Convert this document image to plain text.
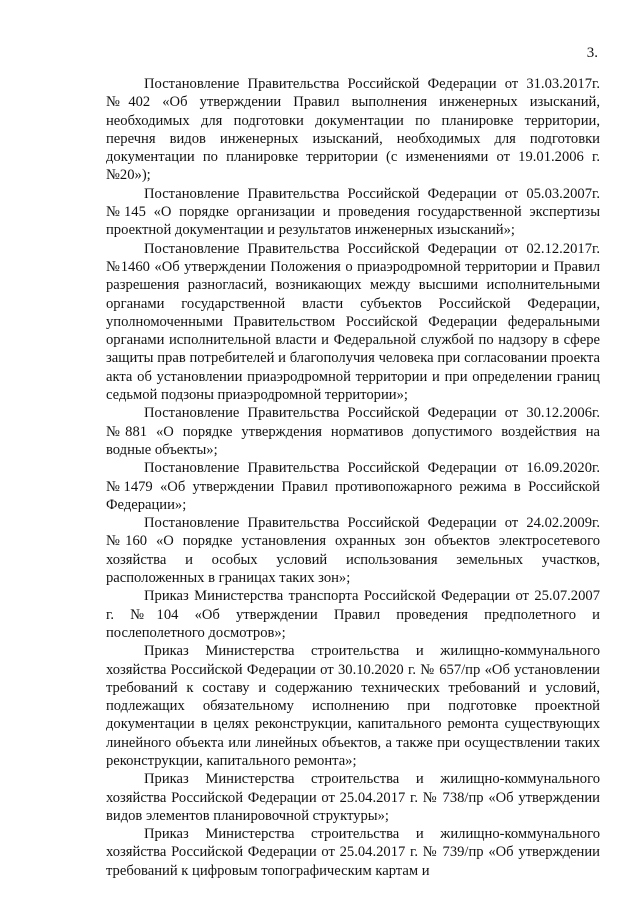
3.

Постановление Правительства Российской Федерации от 31.03.2017г. №402 «Об утверждении Правил выполнения инженерных изысканий, необходимых для подготовки документации по планировке территории, перечня видов инженерных изысканий, необходимых для подготовки документации по планировке территории (с изменениями от 19.01.2006 г. №20»);

Постановление Правительства Российской Федерации от 05.03.2007г. №145 «О порядке организации и проведения государственной экспертизы проектной документации и результатов инженерных изысканий»;

Постановление Правительства Российской Федерации от 02.12.2017г. №1460 «Об утверждении Положения о приаэродромной территории и Правил разрешения разногласий, возникающих между высшими исполнительными органами государственной власти субъектов Российской Федерации, уполномоченными Правительством Российской Федерации федеральными органами исполнительной власти и Федеральной службой по надзору в сфере защиты прав потребителей и благополучия человека при согласовании проекта акта об установлении приаэродромной территории и при определении границ седьмой подзоны приаэродромной территории»;

Постановление Правительства Российской Федерации от 30.12.2006г. №881 «О порядке утверждения нормативов допустимого воздействия на водные объекты»;

Постановление Правительства Российской Федерации от 16.09.2020г. №1479 «Об утверждении Правил противопожарного режима в Российской Федерации»;

Постановление Правительства Российской Федерации от 24.02.2009г. №160 «О порядке установления охранных зон объектов электросетевого хозяйства и особых условий использования земельных участков, расположенных в границах таких зон»;

Приказ Министерства транспорта Российской Федерации от 25.07.2007 г. №104 «Об утверждении Правил проведения предполетного и послеполетного досмотров»;

Приказ Министерства строительства и жилищно-коммунального хозяйства Российской Федерации от 30.10.2020 г. № 657/пр «Об установлении требований к составу и содержанию технических требований и условий, подлежащих обязательному исполнению при подготовке проектной документации в целях реконструкции, капитального ремонта существующих линейного объекта или линейных объектов, а также при осуществлении таких реконструкции, капитального ремонта»;

Приказ Министерства строительства и жилищно-коммунального хозяйства Российской Федерации от 25.04.2017 г. № 738/пр «Об утверждении видов элементов планировочной структуры»;

Приказ Министерства строительства и жилищно-коммунального хозяйства Российской Федерации от 25.04.2017 г. № 739/пр «Об утверждении требований к цифровым топографическим картам и
